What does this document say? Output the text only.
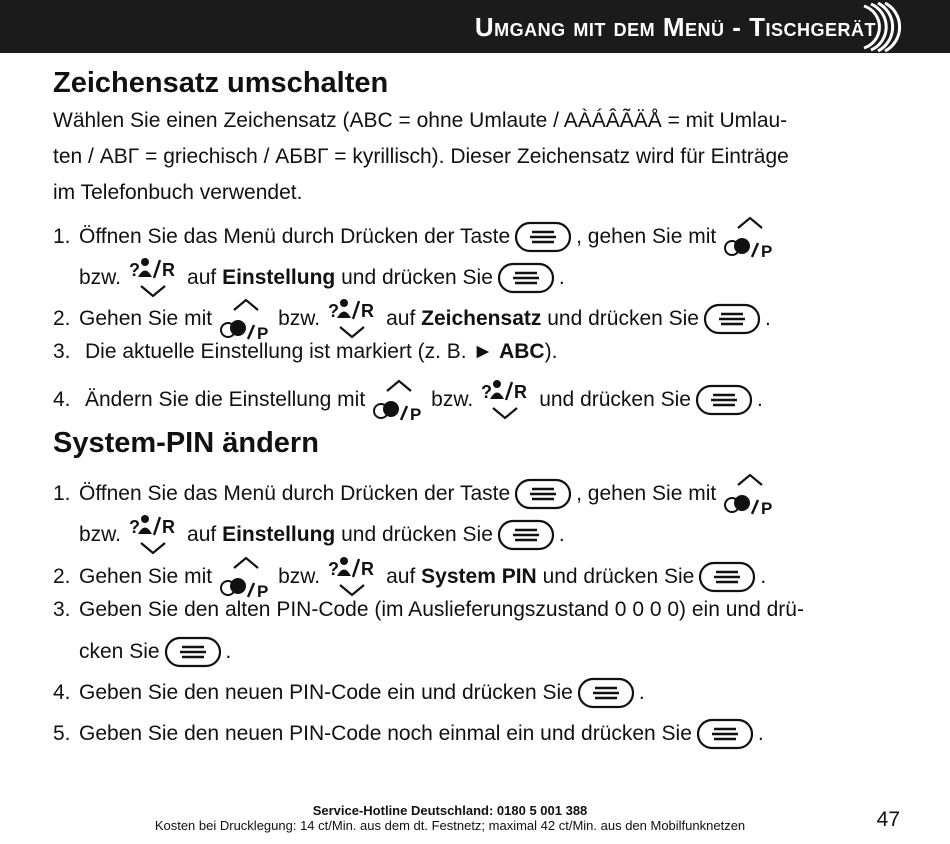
Umgang mit dem Menü - Tischgerät
Zeichensatz umschalten
Wählen Sie einen Zeichensatz (ABC = ohne Umlaute / AÀÁÂÃÄÅ = mit Umlau-
ten / ΑΒΓ = griechisch / АБВГ = kyrillisch). Dieser Zeichensatz wird für Einträge
im Telefonbuch verwendet.
1. Öffnen Sie das Menü durch Drücken der Taste	, gehen Sie mit
bzw.	auf
Einstellung
und drücken Sie	.
2. Gehen Sie mit	bzw.	auf
Zeichensatz
und drücken Sie	.
3. Die aktuelle Einstellung ist markiert (z. B. ► ABC ).
4. Ändern Sie die Einstellung mit	bzw.	und drücken Sie	.
System-PIN ändern
1. Öffnen Sie das Menü durch Drücken der Taste	, gehen Sie mit
bzw.	auf
Einstellung
und drücken Sie	.
2. Gehen Sie mit	bzw.	auf
System PIN
und drücken Sie	.
3. Geben Sie den alten PIN-Code (im Auslieferungszustand 0 0 0 0) ein und drü-
cken Sie	.
4. Geben Sie den neuen PIN-Code ein und drücken Sie	.
5. Geben Sie den neuen PIN-Code noch einmal ein und drücken Sie	.
Service-Hotline Deutschland: 0180 5 001 388
Kosten bei Drucklegung: 14 ct/Min. aus dem dt. Festnetz; maximal 42 ct/Min. aus den Mobilfunknetzen	47
